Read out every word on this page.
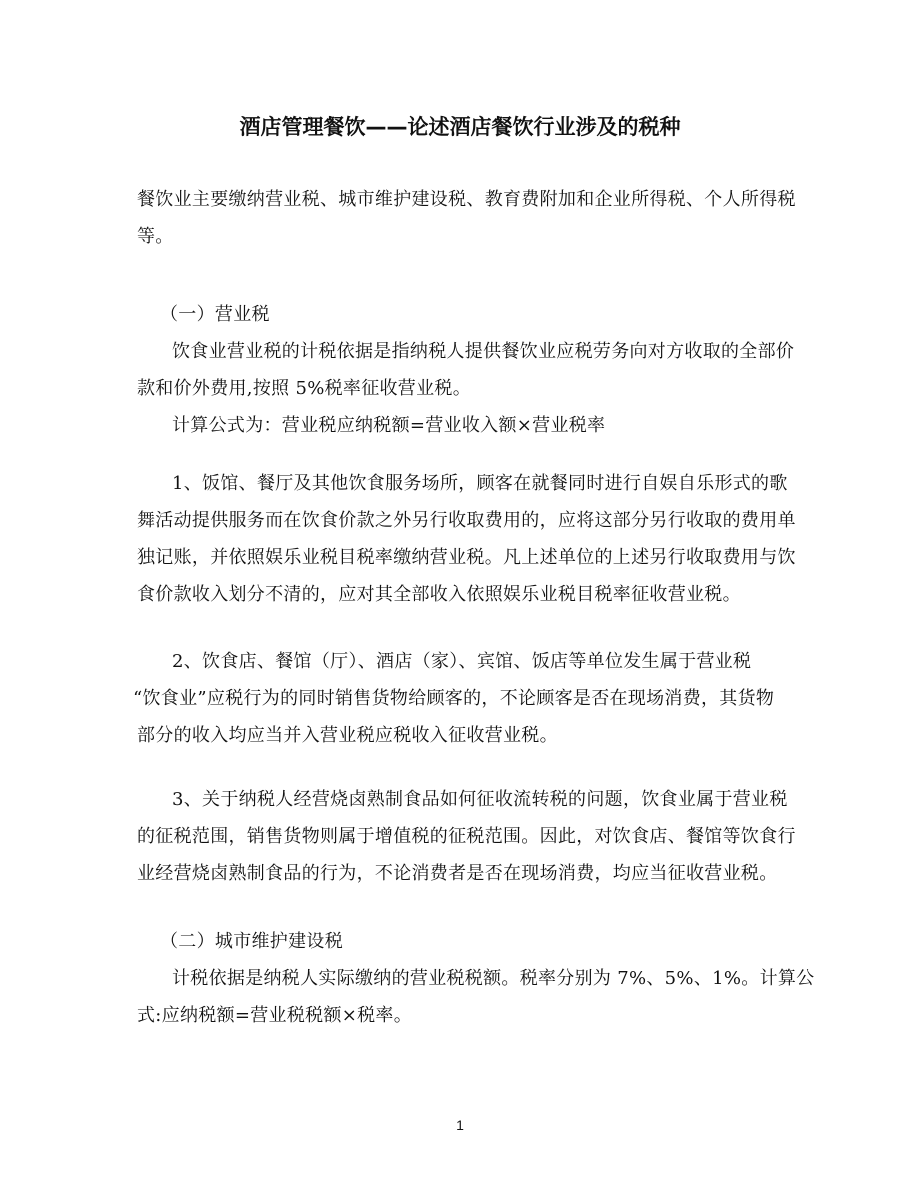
酒店管理餐饮——论述酒店餐饮行业涉及的税种
餐饮业主要缴纳营业税、城市维护建设税、教育费附加和企业所得税、个人所得税
等。
（一）营业税
饮食业营业税的计税依据是指纳税人提供餐饮业应税劳务向对方收取的全部价
款和价外费用,按照 5%税率征收营业税。
计算公式为：营业税应纳税额=营业收入额×营业税率
1、饭馆、餐厅及其他饮食服务场所，顾客在就餐同时进行自娱自乐形式的歌
舞活动提供服务而在饮食价款之外另行收取费用的，应将这部分另行收取的费用单
独记账，并依照娱乐业税目税率缴纳营业税。凡上述单位的上述另行收取费用与饮
食价款收入划分不清的，应对其全部收入依照娱乐业税目税率征收营业税。
2、饮食店、餐馆（厅）、酒店（家）、宾馆、饭店等单位发生属于营业税
“饮食业”应税行为的同时销售货物给顾客的，不论顾客是否在现场消费，其货物
部分的收入均应当并入营业税应税收入征收营业税。
3、关于纳税人经营烧卤熟制食品如何征收流转税的问题，饮食业属于营业税
的征税范围，销售货物则属于增值税的征税范围。因此，对饮食店、餐馆等饮食行
业经营烧卤熟制食品的行为，不论消费者是否在现场消费，均应当征收营业税。
（二）城市维护建设税
计税依据是纳税人实际缴纳的营业税税额。税率分别为 7%、5%、1%。计算公
式:应纳税额=营业税税额×税率。
1
